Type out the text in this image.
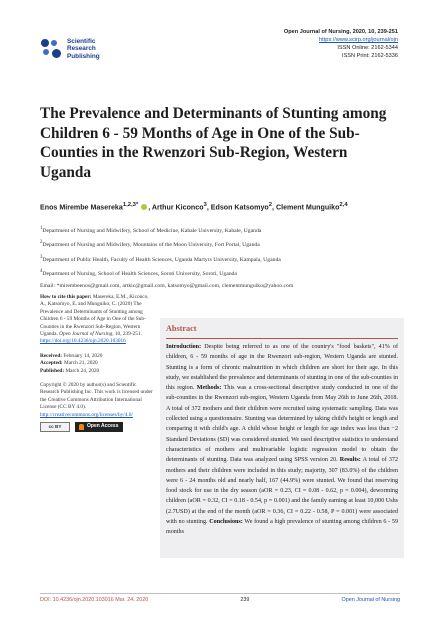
Scientific
Research
Publishing
Open Journal of Nursing, 2020, 10, 239-251
https://www.scirp.org/journal/ojn
ISSN Online: 2162-5344
ISSN Print: 2162-5336
The Prevalence and Determinants of Stunting among Children 6 - 59 Months of Age in One of the Sub-Counties in the Rwenzori Sub-Region, Western Uganda
Enos Mirembe Masereka$^{1,2,3*}$ , Arthur Kiconco$^3$, Edson Katsomyo$^2$, Clement Munguiko$^{2,4}$
$^1$Department of Nursing and Midwifery, School of Medicine, Kabale University, Kabale, Uganda
$^2$Department of Nursing and Midwifery, Mountains of the Moon University, Fort Portal, Uganda
$^3$Department of Public Health, Faculty of Health Sciences, Uganda Martyrs University, Kampala, Uganda
$^4$Department of Nursing, School of Health Sciences, Soroti University, Soroti, Uganda
Email: *mirembeenos@gmail.com, artkic@gmail.com, katsomyo@gmail.com, clementmunguiko@yahoo.com
How to cite this paper: Masereka, E.M., Kiconco, A., Katsomyo, E. and Munguiko, C. (2020) The Prevalence and Determinants of Stunting among Children 6 - 59 Months of Age in One of the Sub-Counties in the Rwenzori Sub-Region, Western Uganda. Open Journal of Nursing, 10, 239-251.
https://doi.org/10.4236/ojn.2020.103016
Received: February 14, 2020
Accepted: March 21, 2020
Published: March 24, 2020
Copyright © 2020 by author(s) and Scientific Research Publishing Inc. This work is licensed under the Creative Commons Attribution International License (CC BY 4.0).
http://creativecommons.org/licenses/by/4.0/
cc BY	Open Access
Abstract
Introduction: Despite being referred to as one of the country's "food baskets", 41% of children, 6 - 59 months of age in the Rwenzori sub-region, Western Uganda are stunted. Stunting is a form of chronic malnutrition in which children are short for their age. In this study, we established the prevalence and determinants of stunting in one of the sub-counties in this region. Methods: This was a cross-sectional descriptive study conducted in one of the sub-counties in the Rwenzori sub-region, Western Uganda from May 26th to June 26th, 2018. A total of 372 mothers and their children were recruited using systematic sampling. Data was collected using a questionnaire. Stunting was determined by taking child's height or length and comparing it with child's age. A child whose height or length for age index was less than −2 Standard Deviations (SD) was considered stunted. We used descriptive statistics to understand characteristics of mothers and multivariable logistic regression model to obtain the determinants of stunting. Data was analyzed using SPSS version 20. Results: A total of 372 mothers and their children were included in this study; majority, 307 (83.0%) of the children were 6 - 24 months old and nearly half, 167 (44.9%) were stunted. We found that reserving food stock for use in the dry season (aOR = 0.23, CI = 0.08 - 0.62, p = 0.004), deworming children (aOR = 0.32, CI = 0.18 - 0.54, p = 0.001) and the family earning at least 10,000 Ushs (2.7USD) at the end of the month (aOR = 0.36, CI = 0.22 - 0.58, P = 0.001) were associated with no stunting. Conclusions: We found a high prevalence of stunting among children 6 - 59 months
DOI: 10.4236/ojn.2020.103016 Mar. 24, 2020	239	Open Journal of Nursing
